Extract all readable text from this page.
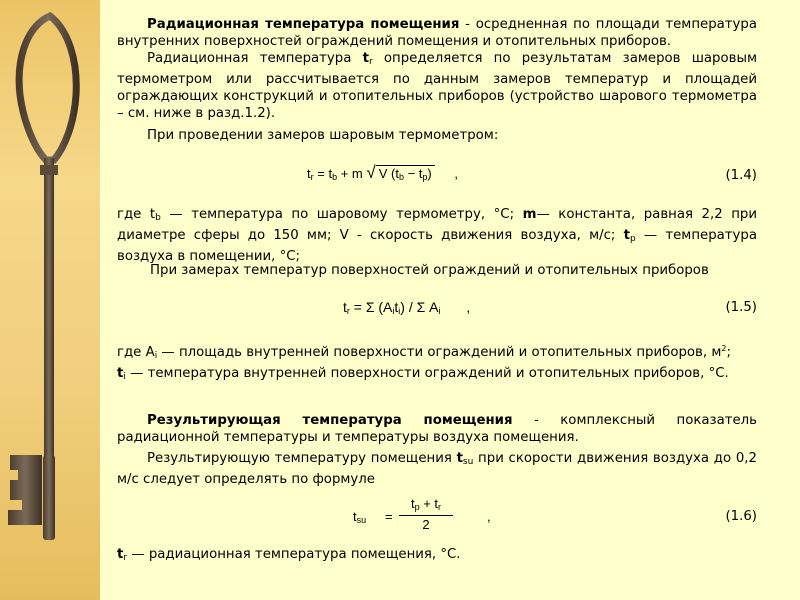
Радиационная температура помещения - осредненная по площади температура внутренних поверхностей ограждений помещения и отопительных приборов.
Радиационная температура $t_r$ определяется по результатам замеров шаровым термометром или рассчитывается по данным замеров температур и площадей ограждающих конструкций и отопительных приборов (устройство шарового термометра – см. ниже в разд.1.2).
При проведении замеров шаровым термометром:
$t_r = t_b + m$ √ V $(t_b - t_p)$ ,	(1.4)
где $t_b$ — температура по шаровому термометру, °C; m— константа, равная 2,2 при диаметре сферы до 150 мм; V - скорость движения воздуха, м/с; $t_p$ — температура воздуха в помещении, °C;
При замерах температур поверхностей ограждений и отопительных приборов
$t_r = \Sigma$ $(A_it_i)$ / Σ $A_i$ ,	(1.5)
где $A_i$ — площадь внутренней поверхности ограждений и отопительных приборов, $м^2$; $t_i$ — температура внутренней поверхности ограждений и отопительных приборов, °С.
Результирующая температура помещения - комплексный показатель радиационной температуры и температуры воздуха помещения.
Результирующую температуру помещения $t_{su}$ при скорости движения воздуха до 0,2 м/с следует определять по формуле
$t_{su}$ =
$t_p + t_r$
2
,	(1.6)
$t_r$ — радиационная температура помещения, °С.
